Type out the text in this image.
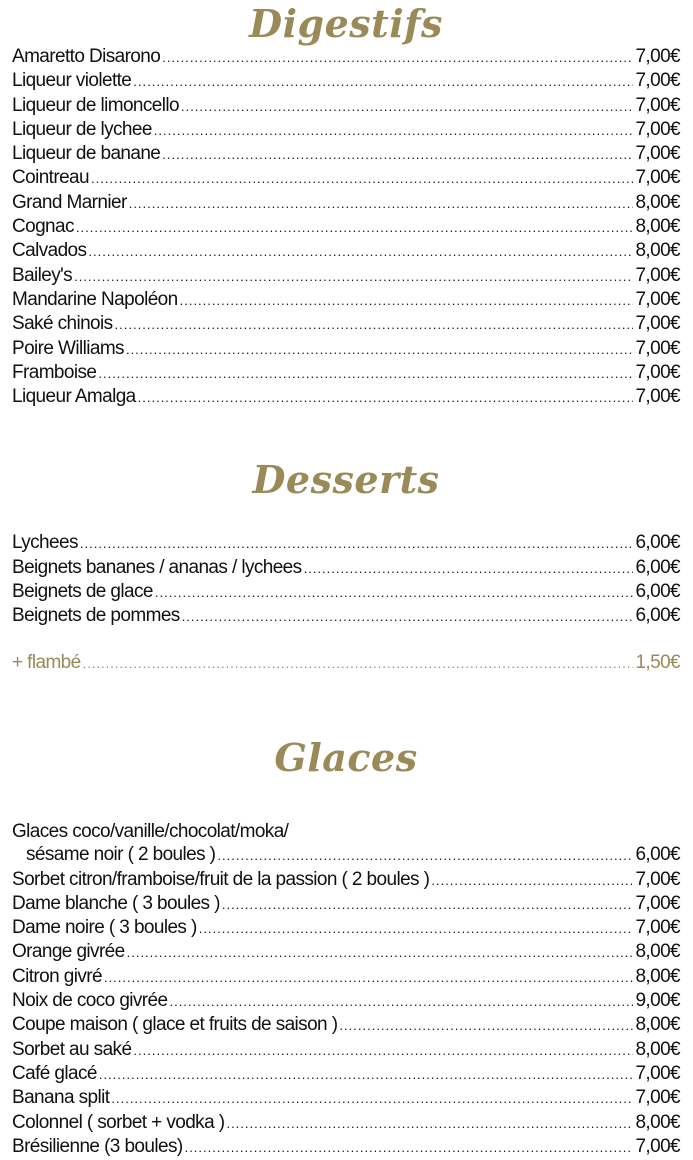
Digestifs
Amaretto Disarono .....	7,00€
Liqueur violette .....	7,00€
Liqueur de limoncello .....	7,00€
Liqueur de lychee .....	7,00€
Liqueur de banane .....	7,00€
Cointreau .....	7,00€
Grand Marnier .....	8,00€
Cognac .....	8,00€
Calvados .....	8,00€
Bailey's .....	7,00€
Mandarine Napoléon .....	7,00€
Saké chinois .....	7,00€
Poire Williams .....	7,00€
Framboise .....	7,00€
Liqueur Amalga .....	7,00€
Desserts
Lychees .....	6,00€
Beignets bananes / ananas / lychees .....	6,00€
Beignets de glace .....	6,00€
Beignets de pommes .....	6,00€
+ flambé .....	1,50€
Glaces
Glaces coco/vanille/chocolat/moka/
sésame noir ( 2 boules ) .....	6,00€
Sorbet citron/framboise/fruit de la passion ( 2 boules ) .....	7,00€
Dame blanche ( 3 boules ) .....	7,00€
Dame noire ( 3 boules ) .....	7,00€
Orange givrée .....	8,00€
Citron givré .....	8,00€
Noix de coco givrée .....	9,00€
Coupe maison ( glace et fruits de saison ) .....	8,00€
Sorbet au saké .....	8,00€
Café glacé .....	7,00€
Banana split .....	7,00€
Colonnel ( sorbet + vodka ) .....	8,00€
Brésilienne (3 boules) .....	7,00€
